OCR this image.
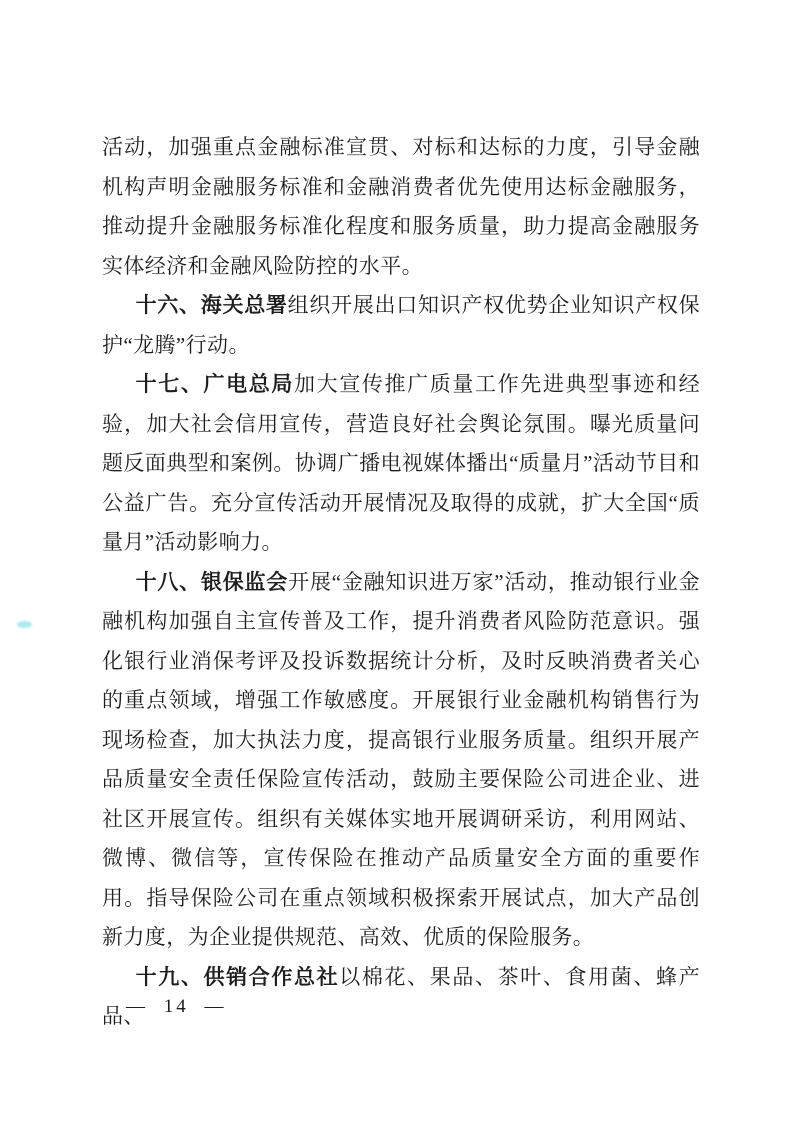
活动，加强重点金融标准宣贯、对标和达标的力度，引导金融机构声明金融服务标准和金融消费者优先使用达标金融服务，推动提升金融服务标准化程度和服务质量，助力提高金融服务实体经济和金融风险防控的水平。

十六、海关总署组织开展出口知识产权优势企业知识产权保护“龙腾”行动。

十七、广电总局加大宣传推广质量工作先进典型事迹和经验，加大社会信用宣传，营造良好社会舆论氛围。曝光质量问题反面典型和案例。协调广播电视媒体播出“质量月”活动节目和公益广告。充分宣传活动开展情况及取得的成就，扩大全国“质量月”活动影响力。

十八、银保监会开展“金融知识进万家”活动，推动银行业金融机构加强自主宣传普及工作，提升消费者风险防范意识。强化银行业消保考评及投诉数据统计分析，及时反映消费者关心的重点领域，增强工作敏感度。开展银行业金融机构销售行为现场检查，加大执法力度，提高银行业服务质量。组织开展产品质量安全责任保险宣传活动，鼓励主要保险公司进企业、进社区开展宣传。组织有关媒体实地开展调研采访，利用网站、微博、微信等，宣传保险在推动产品质量安全方面的重要作用。指导保险公司在重点领域积极探索开展试点，加大产品创新力度，为企业提供规范、高效、优质的保险服务。

十九、供销合作总社以棉花、果品、茶叶、食用菌、蜂产品、

— 14 —
